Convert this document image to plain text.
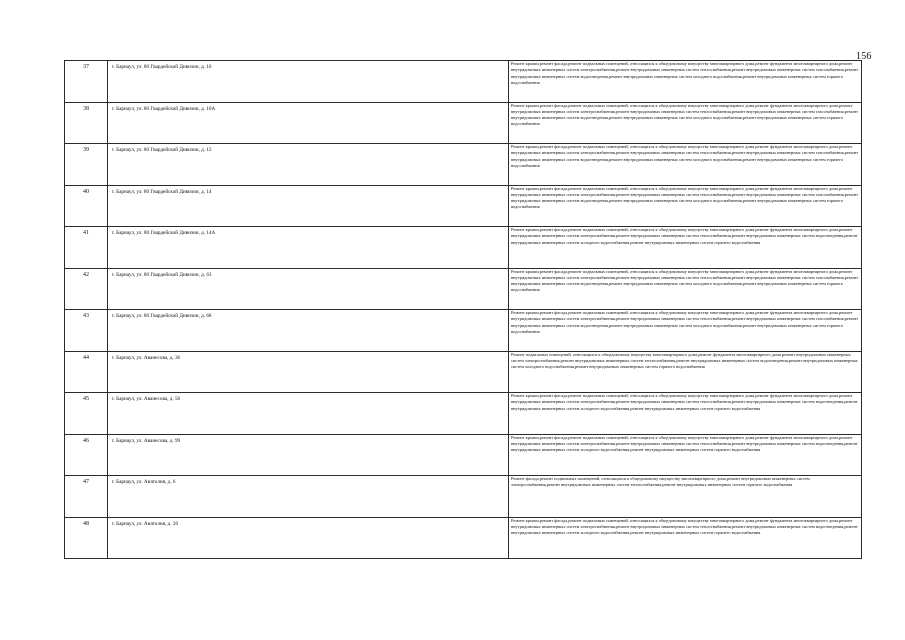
156
37	г. Барнаул, ул. 80 Гвардейской Дивизии, д. 10	Ремонт крыши,ремонт фасада,ремонт подвальных помещений, относящихся к общедомовому имуществу многоквартирного дома,ремонт фундамента многоквартирного дома,ремонт внутридомовых инженерных систем электроснабжения,ремонт внутридомовых инженерных систем теплоснабжения,ремонт внутридомовых инженерных систем газоснабжения,ремонт внутридомовых инженерных систем водоотведения,ремонт внутридомовых инженерных систем холодного водоснабжения,ремонт внутридомовых инженерных систем горячего водоснабжения
38	г. Барнаул, ул. 80 Гвардейской Дивизии, д. 10А	Ремонт крыши,ремонт фасада,ремонт подвальных помещений, относящихся к общедомовому имуществу многоквартирного дома,ремонт фундамента многоквартирного дома,ремонт внутридомовых инженерных систем электроснабжения,ремонт внутридомовых инженерных систем теплоснабжения,ремонт внутридомовых инженерных систем газоснабжения,ремонт внутридомовых инженерных систем водоотведения,ремонт внутридомовых инженерных систем холодного водоснабжения,ремонт внутридомовых инженерных систем горячего водоснабжения
39	г. Барнаул, ул. 80 Гвардейской Дивизии, д. 12	Ремонт крыши,ремонт фасада,ремонт подвальных помещений, относящихся к общедомовому имуществу многоквартирного дома,ремонт фундамента многоквартирного дома,ремонт внутридомовых инженерных систем электроснабжения,ремонт внутридомовых инженерных систем теплоснабжения,ремонт внутридомовых инженерных систем газоснабжения,ремонт внутридомовых инженерных систем водоотведения,ремонт внутридомовых инженерных систем холодного водоснабжения,ремонт внутридомовых инженерных систем горячего водоснабжения
40	г. Барнаул, ул. 80 Гвардейской Дивизии, д. 14	Ремонт крыши,ремонт фасада,ремонт подвальных помещений, относящихся к общедомовому имуществу многоквартирного дома,ремонт фундамента многоквартирного дома,ремонт внутридомовых инженерных систем электроснабжения,ремонт внутридомовых инженерных систем теплоснабжения,ремонт внутридомовых инженерных систем газоснабжения,ремонт внутридомовых инженерных систем водоотведения,ремонт внутридомовых инженерных систем холодного водоснабжения,ремонт внутридомовых инженерных систем горячего водоснабжения
41	г. Барнаул, ул. 80 Гвардейской Дивизии, д. 14А	Ремонт крыши,ремонт фасада,ремонт подвальных помещений, относящихся к общедомовому имуществу многоквартирного дома,ремонт фундамента многоквартирного дома,ремонт внутридомовых инженерных систем электроснабжения,ремонт внутридомовых инженерных систем теплоснабжения,ремонт внутридомовых инженерных систем водоотведения,ремонт внутридомовых инженерных систем холодного водоснабжения,ремонт внутридомовых инженерных систем горячего водоснабжения
42	г. Барнаул, ул. 80 Гвардейской Дивизии, д. 63	Ремонт крыши,ремонт фасада,ремонт подвальных помещений, относящихся к общедомовому имуществу многоквартирного дома,ремонт фундамента многоквартирного дома,ремонт внутридомовых инженерных систем электроснабжения,ремонт внутридомовых инженерных систем теплоснабжения,ремонт внутридомовых инженерных систем газоснабжения,ремонт внутридомовых инженерных систем водоотведения,ремонт внутридомовых инженерных систем холодного водоснабжения,ремонт внутридомовых инженерных систем горячего водоснабжения
43	г. Барнаул, ул. 80 Гвардейской Дивизии, д. 68	Ремонт крыши,ремонт фасада,ремонт подвальных помещений, относящихся к общедомовому имуществу многоквартирного дома,ремонт фундамента многоквартирного дома,ремонт внутридомовых инженерных систем электроснабжения,ремонт внутридомовых инженерных систем теплоснабжения,ремонт внутридомовых инженерных систем газоснабжения,ремонт внутридомовых инженерных систем водоотведения,ремонт внутридомовых инженерных систем холодного водоснабжения,ремонт внутридомовых инженерных систем горячего водоснабжения
44	г. Барнаул, ул. Аванесова, д. 36	Ремонт подвальных помещений, относящихся к общедомовому имуществу многоквартирного дома,ремонт фундамента многоквартирного дома,ремонт внутридомовых инженерных систем электроснабжения,ремонт внутридомовых инженерных систем теплоснабжения,ремонт внутридомовых инженерных систем водоотведения,ремонт внутридомовых инженерных систем холодного водоснабжения,ремонт внутридомовых инженерных систем горячего водоснабжения
45	г. Барнаул, ул. Аванесова, д. 56	Ремонт крыши,ремонт фасада,ремонт подвальных помещений, относящихся к общедомовому имуществу многоквартирного дома,ремонт фундамента многоквартирного дома,ремонт внутридомовых инженерных систем электроснабжения,ремонт внутридомовых инженерных систем теплоснабжения,ремонт внутридомовых инженерных систем водоотведения,ремонт внутридомовых инженерных систем холодного водоснабжения,ремонт внутридомовых инженерных систем горячего водоснабжения
46	г. Барнаул, ул. Аванесова, д. 99	Ремонт крыши,ремонт фасада,ремонт подвальных помещений, относящихся к общедомовому имуществу многоквартирного дома,ремонт фундамента многоквартирного дома,ремонт внутридомовых инженерных систем электроснабжения,ремонт внутридомовых инженерных систем теплоснабжения,ремонт внутридомовых инженерных систем водоотведения,ремонт внутридомовых инженерных систем холодного водоснабжения,ремонт внутридомовых инженерных систем горячего водоснабжения
47	г. Барнаул, ул. Анатолия, д. 6	Ремонт фасада,ремонт подвальных помещений, относящихся к общедомовому имуществу многоквартирного дома,ремонт внутридомовых инженерных систем электроснабжения,ремонт внутридомовых инженерных систем теплоснабжения,ремонт внутридомовых инженерных систем горячего водоснабжения
48	г. Барнаул, ул. Анатолия, д. 20	Ремонт крыши,ремонт фасада,ремонт подвальных помещений, относящихся к общедомовому имуществу многоквартирного дома,ремонт фундамента многоквартирного дома,ремонт внутридомовых инженерных систем электроснабжения,ремонт внутридомовых инженерных систем теплоснабжения,ремонт внутридомовых инженерных систем водоотведения,ремонт внутридомовых инженерных систем холодного водоснабжения,ремонт внутридомовых инженерных систем горячего водоснабжения
